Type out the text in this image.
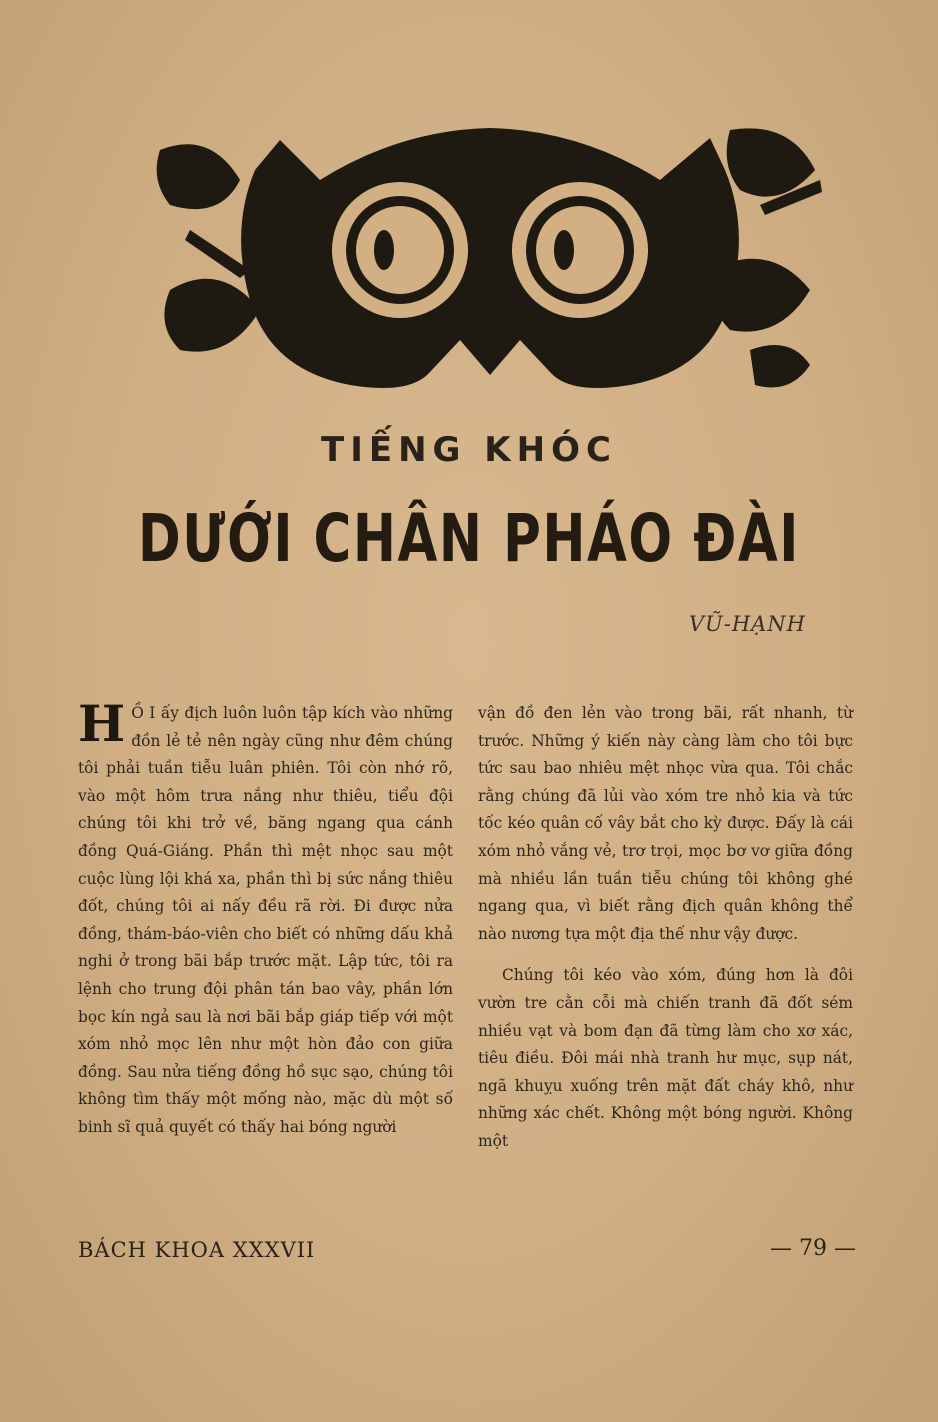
TIẾNG KHÓC
DƯỚI CHÂN PHÁO ĐÀI
VŨ-HẠNH

H Ồ I ấy địch luôn luôn tập kích vào những đồn lẻ tẻ nên ngày cũng như đêm chúng tôi phải tuần tiễu luân phiên. Tôi còn nhớ rõ, vào một hôm trưa nắng như thiêu, tiểu đội chúng tôi khi trở về, băng ngang qua cánh đồng Quá-Giáng. Phần thì mệt nhọc sau một cuộc lùng lội khá xa, phần thì bị sức nắng thiêu đốt, chúng tôi ai nấy đều rã rời. Đi được nửa đồng, thám-báo-viên cho biết có những dấu khả nghi ở trong bãi bắp trước mặt. Lập tức, tôi ra lệnh cho trung đội phân tán bao vây, phần lớn bọc kín ngả sau là nơi bãi bắp giáp tiếp với một xóm nhỏ mọc lên như một hòn đảo con giữa đồng. Sau nửa tiếng đồng hồ sục sạo, chúng tôi không tìm thấy một mống nào, mặc dù một số binh sĩ quả quyết có thấy hai bóng người

vận đồ đen lẻn vào trong bãi, rất nhanh, từ trước. Những ý kiến này càng làm cho tôi bực tức sau bao nhiêu mệt nhọc vừa qua. Tôi chắc rằng chúng đã lủi vào xóm tre nhỏ kia và tức tốc kéo quân cố vây bắt cho kỳ được. Đấy là cái xóm nhỏ vắng vẻ, trơ trọi, mọc bơ vơ giữa đồng mà nhiều lần tuần tiễu chúng tôi không ghé ngang qua, vì biết rằng địch quân không thể nào nương tựa một địa thế như vậy được.

Chúng tôi kéo vào xóm, đúng hơn là đôi vườn tre cằn cỗi mà chiến tranh đã đốt sém nhiều vạt và bom đạn đã từng làm cho xơ xác, tiêu điều. Đôi mái nhà tranh hư mục, sụp nát, ngã khuỵu xuống trên mặt đất cháy khô, như những xác chết. Không một bóng người. Không một

BÁCH KHOA XXXVII	— 79 —
